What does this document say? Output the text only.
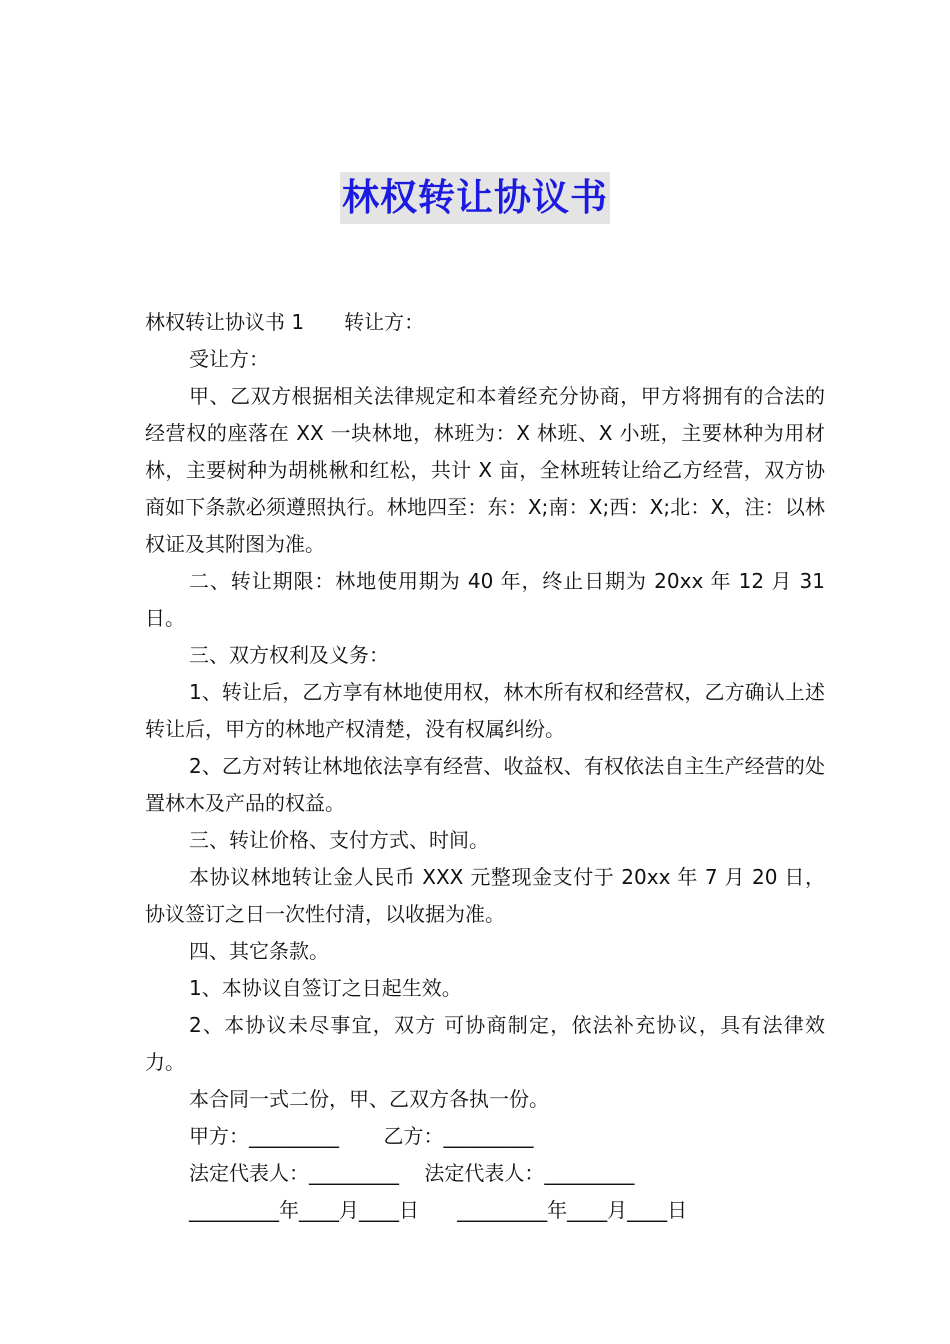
林权转让协议书

林权转让协议书 1 转让方：

受让方：

甲、乙双方根据相关法律规定和本着经充分协商，甲方将拥有的合法的经营权的座落在 XX 一块林地，林班为：X 林班、X 小班，主要林种为用材林，主要树种为胡桃楸和红松，共计 X 亩，全林班转让给乙方经营，双方协商如下条款必须遵照执行。林地四至：东：X;南：X;西：X;北：X，注：以林权证及其附图为准。

二、转让期限：林地使用期为 40 年，终止日期为 20xx 年 12 月 31 日。

三、双方权利及义务：

1、转让后，乙方享有林地使用权，林木所有权和经营权，乙方确认上述转让后，甲方的林地产权清楚，没有权属纠纷。

2、乙方对转让林地依法享有经营、收益权、有权依法自主生产经营的处置林木及产品的权益。

三、转让价格、支付方式、时间。

本协议林地转让金人民币 XXX 元整现金支付于 20xx 年 7 月 20 日，协议签订之日一次性付清，以收据为准。

四、其它条款。

1、本协议自签订之日起生效。

2、本协议未尽事宜，双方 可协商制定，依法补充协议，具有法律效力。

本合同一式二份，甲、乙双方各执一份。

甲方：_________       乙方：_________

法定代表人：_________    法定代表人：_________

_________年____月____日      _________年____月____日
